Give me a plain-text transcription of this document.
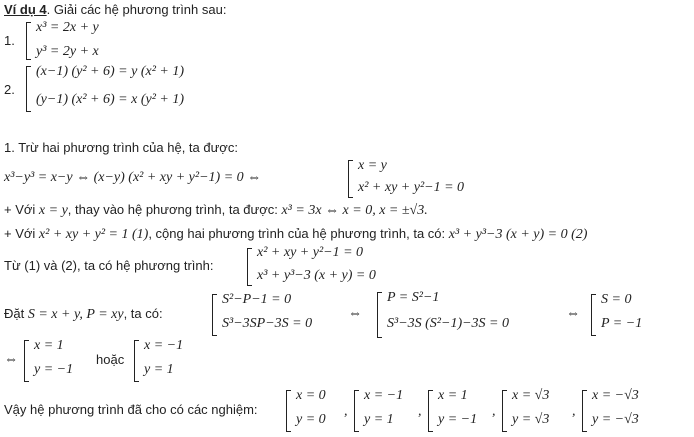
Ví dụ 4. Giải các hệ phương trình sau:
1.
x³ = 2x + y
y³ = 2y + x
2.
(x−1) (y² + 6) = y (x² + 1)
(y−1) (x² + 6) = x (y² + 1)
1. Trừ hai phương trình của hệ, ta được:
x³−y³ = x−y ⇔ (x−y) (x² + xy + y²−1) = 0 ⇔
x = y
x² + xy + y²−1 = 0
+ Với x = y, thay vào hệ phương trình, ta được: x³ = 3x ⇔ x = 0, x = ±√3.
+ Với x² + xy + y² = 1 (1), cộng hai phương trình của hệ phương trình, ta có: x³ + y³−3 (x + y) = 0 (2)
Từ (1) và (2), ta có hệ phương trình:
x² + xy + y²−1 = 0
x³ + y³−3 (x + y) = 0
Đặt S = x + y, P = xy, ta có:
S²−P−1 = 0
S³−3SP−3S = 0
⇔
P = S²−1
S³−3S (S²−1)−3S = 0
⇔
S = 0
P = −1
⇔
x = 1
y = −1
hoặc
x = −1
y = 1
Vậy hệ phương trình đã cho có các nghiệm:
x = 0
y = 0
,
x = −1
y = 1
,
x = 1
y = −1
,
x = √3
y = √3
,
x = −√3
y = −√3
